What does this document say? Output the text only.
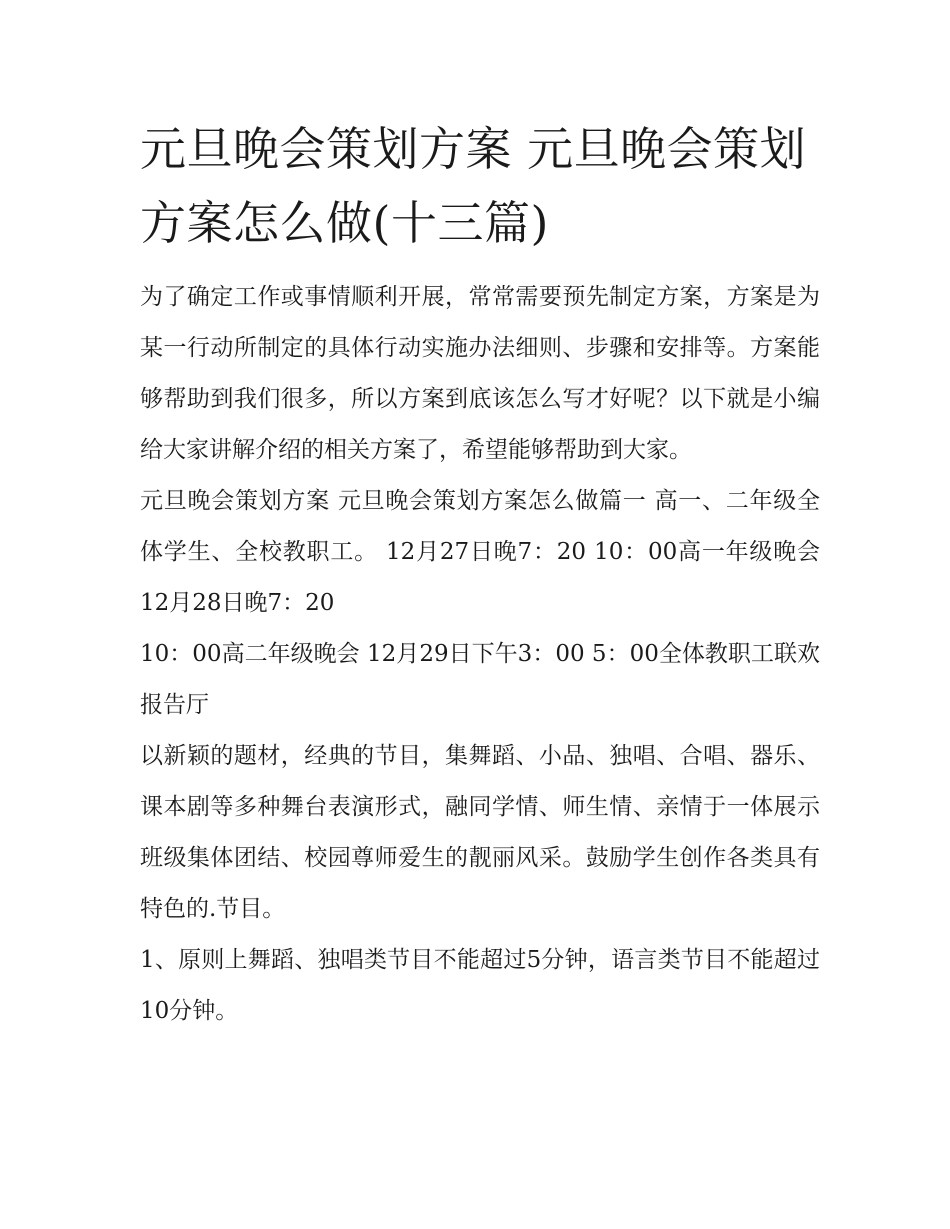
元旦晚会策划方案 元旦晚会策划方案怎么做(十三篇)

为了确定工作或事情顺利开展，常常需要预先制定方案，方案是为某一行动所制定的具体行动实施办法细则、步骤和安排等。方案能够帮助到我们很多，所以方案到底该怎么写才好呢？以下就是小编给大家讲解介绍的相关方案了，希望能够帮助到大家。

元旦晚会策划方案 元旦晚会策划方案怎么做篇一 高一、二年级全体学生、全校教职工。 12月27日晚7：20 10：00高一年级晚会 12月28日晚7：20

10：00高二年级晚会 12月29日下午3：00 5：00全体教职工联欢 报告厅

以新颖的题材，经典的节目，集舞蹈、小品、独唱、合唱、器乐、课本剧等多种舞台表演形式，融同学情、师生情、亲情于一体展示班级集体团结、校园尊师爱生的靓丽风采。鼓励学生创作各类具有特色的.节目。

1、原则上舞蹈、独唱类节目不能超过5分钟，语言类节目不能超过10分钟。
